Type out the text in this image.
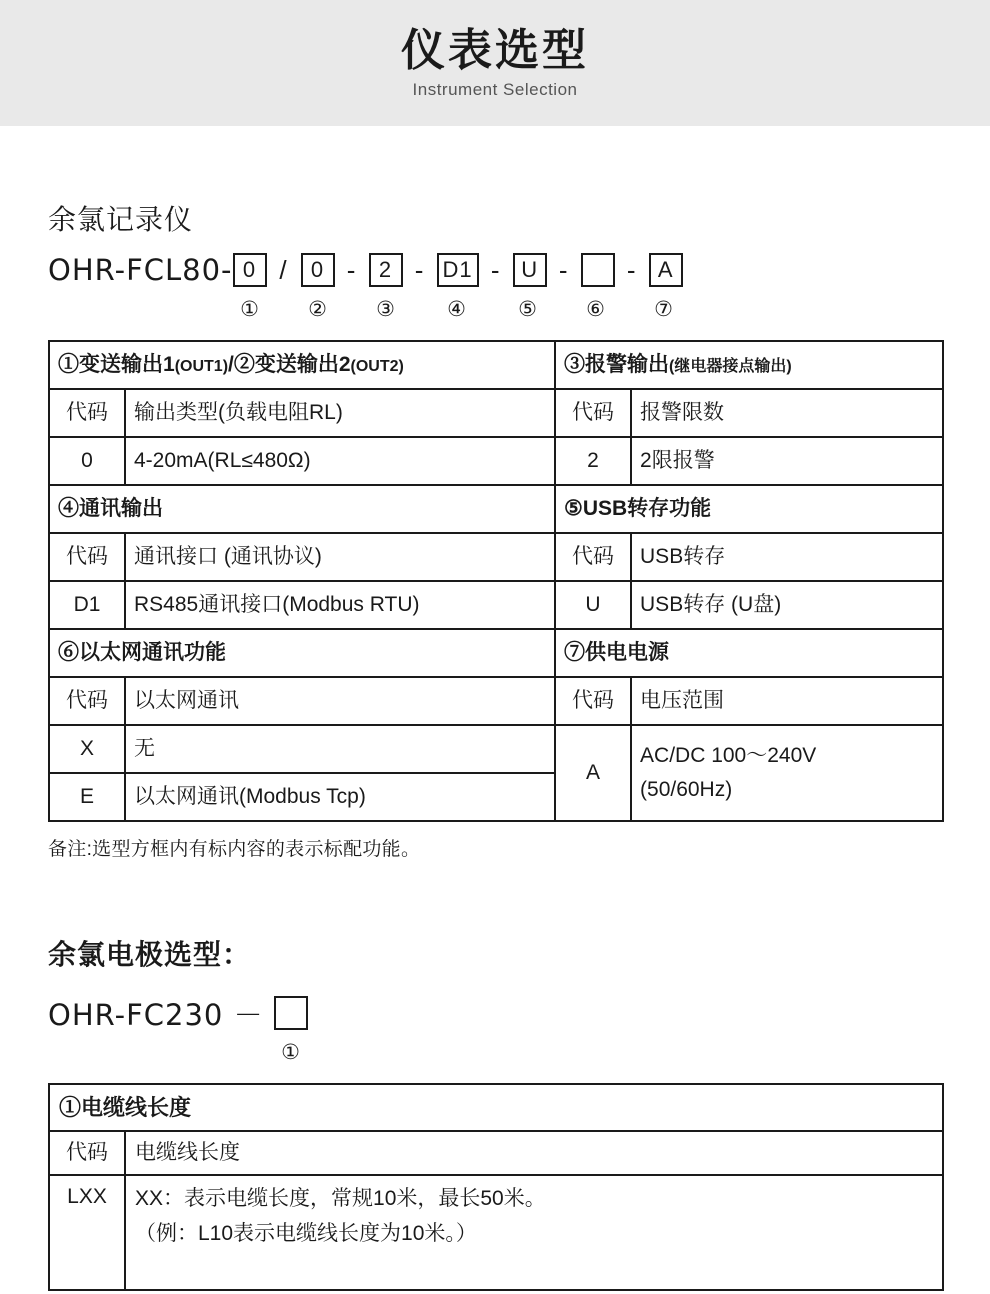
仪表选型
Instrument Selection
余氯记录仪
OHR-FCL80- 0 /	0 -	2 - D1 - U -	- A
①	②	③	④	⑤	⑥	⑦
①变送输出1(OUT1)/②变送输出2(OUT2)		③报警输出(继电器接点输出)	
代码	输出类型(负载电阻RL)	代码	报警限数
0	4-20mA(RL≤480Ω)	2	2限报警
④通讯输出		⑤USB转存功能	
代码	通讯接口 (通讯协议)	代码	USB转存
D1	RS485通讯接口(Modbus RTU)	U	USB转存 (U盘)
⑥以太网通讯功能		⑦供电电源	
代码	以太网通讯	代码	电压范围
X	无	A	AC/DC 100～240V
(50/60Hz)

E	以太网通讯(Modbus Tcp)		
备注:选型方框内有标内容的表示标配功能。
余氯电极选型：
OHR-FC230 －
①
①电缆线长度	
代码	电缆线长度
LXX	XX：表示电缆长度，常规10米，最长50米。
（例：L10表示电缆线长度为10米。）
